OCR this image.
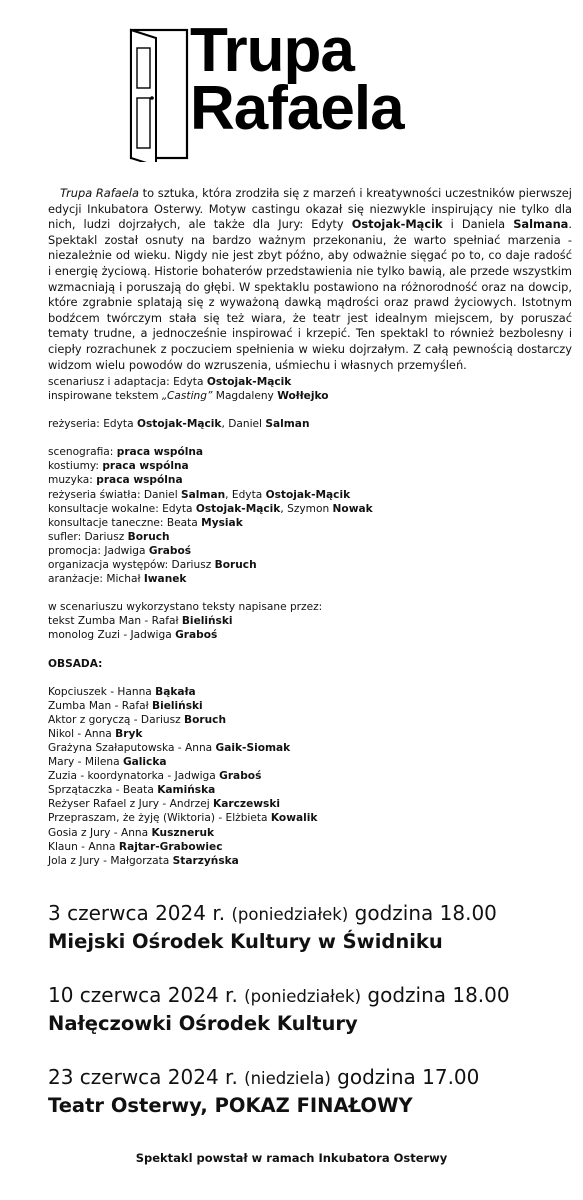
Trupa
Rafaela

Trupa Rafaela to sztuka, która zrodziła się z marzeń i kreatywności uczestników pierwszej edycji Inkubatora Osterwy. Motyw castingu okazał się niezwykle inspirujący nie tylko dla nich, ludzi dojrzałych, ale także dla Jury: Edyty Ostojak-Mącik i Daniela Salmana. Spektakl został osnuty na bardzo ważnym przekonaniu, że warto spełniać marzenia - niezależnie od wieku. Nigdy nie jest zbyt późno, aby odważnie sięgać po to, co daje radość i energię życiową. Historie bohaterów przedstawienia nie tylko bawią, ale przede wszystkim wzmacniają i poruszają do głębi. W spektaklu postawiono na różnorodność oraz na dowcip, które zgrabnie splatają się z wyważoną dawką mądrości oraz prawd życiowych. Istotnym bodźcem twórczym stała się też wiara, że teatr jest idealnym miejscem, by poruszać tematy trudne, a jednocześnie inspirować i krzepić. Ten spektakl to również bezbolesny i ciepły rozrachunek z poczuciem spełnienia w wieku dojrzałym. Z całą pewnością dostarczy widzom wielu powodów do wzruszenia, uśmiechu i własnych przemyśleń.

scenariusz i adaptacja: Edyta Ostojak-Mącik
inspirowane tekstem „Casting” Magdaleny Wołłejko
reżyseria: Edyta Ostojak-Mącik, Daniel Salman
scenografia: praca wspólna
kostiumy: praca wspólna
muzyka: praca wspólna
reżyseria światła: Daniel Salman, Edyta Ostojak-Mącik
konsultacje wokalne: Edyta Ostojak-Mącik, Szymon Nowak
konsultacje taneczne: Beata Mysiak
sufler: Dariusz Boruch
promocja: Jadwiga Graboś
organizacja występów: Dariusz Boruch
aranżacje: Michał Iwanek
w scenariuszu wykorzystano teksty napisane przez:
tekst Zumba Man - Rafał Bieliński
monolog Zuzi - Jadwiga Graboś
OBSADA:
Kopciuszek - Hanna Bąkała
Zumba Man - Rafał Bieliński
Aktor z goryczą - Dariusz Boruch
Nikol - Anna Bryk
Grażyna Szałaputowska - Anna Gaik-Siomak
Mary - Milena Galicka
Zuzia - koordynatorka - Jadwiga Graboś
Sprzątaczka - Beata Kamińska
Reżyser Rafael z Jury - Andrzej Karczewski
Przepraszam, że żyję (Wiktoria) - Elżbieta Kowalik
Gosia z Jury - Anna Kuszneruk
Klaun - Anna Rajtar-Grabowiec
Jola z Jury - Małgorzata Starzyńska
3 czerwca 2024 r. (poniedziałek) godzina 18.00
Miejski Ośrodek Kultury w Świdniku
10 czerwca 2024 r. (poniedziałek) godzina 18.00
Nałęczowki Ośrodek Kultury
23 czerwca 2024 r. (niedziela) godzina 17.00
Teatr Osterwy, POKAZ FINAŁOWY
Spektakl powstał w ramach Inkubatora Osterwy
